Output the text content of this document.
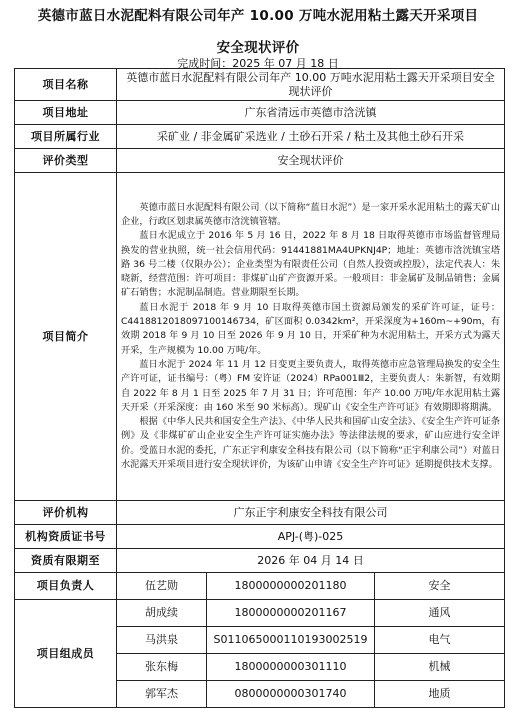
英德市蓝日水泥配料有限公司年产 10.00 万吨水泥用粘土露天开采项目
安全现状评价
完成时间：2025 年 07 月 18 日
项目名称	英德市蓝日水泥配料有限公司年产 10.00 万吨水泥用粘土露天开采项目安全现状评价		
项目地址	广东省清远市英德市浛洸镇		
项目所属行业	采矿业 / 非金属矿采选业 / 土砂石开采 / 粘土及其他土砂石开采		
评价类型	安全现状评价		
项目简介	英德市蓝日水泥配料有限公司（以下简称“蓝日水泥”）是一家开采水泥用粘土的露天矿山企业，行政区划隶属英德市浛洸镇管辖。

蓝日水泥成立于 2016 年 5 月 16 日，2022 年 8 月 18 日取得英德市市场监督管理局换发的营业执照，统一社会信用代码：91441881MA4UPKNJ4P；地址：英德市浛洸镇宝塔路 36 号二楼（仅限办公）；企业类型为有限责任公司（自然人投资或控股），法定代表人：朱晓新，经营范围：许可项目：非煤矿山矿产资源开采。一般项目：非金属矿及制品销售；金属矿石销售；水泥制品制造。营业期限至长期。

蓝日水泥于 2018 年 9 月 10 日取得英德市国土资源局颁发的采矿许可证，证号：C4418812018097100146734，矿区面积 0.0342km²，开采深度为+160m~+90m，有效期 2018 年 9 月 10 日至 2026 年 9 月 10 日，开采矿种为水泥用粘土，开采方式为露天开采，生产规模为 10.00 万吨/年。

蓝日水泥于 2024 年 11 月 12 日变更主要负责人，取得英德市应急管理局换发的安全生产许可证，证书编号：（粤）FM 安许证（2024）RPa001Ⅲ2，主要负责人：朱新智，有效期自 2022 年 8 月 1 日至 2025 年 7 月 31 日；许可范围：年产 10.00 万吨/年水泥用粘土露天开采（开采深度：由 160 米至 90 米标高）。现矿山《安全生产许可证》有效期即将期满。

根据《中华人民共和国安全生产法》、《中华人民共和国矿山安全法》、《安全生产许可证条例》及《非煤矿矿山企业安全生产许可证实施办法》等法律法规的要求，矿山应进行安全评价。受蓝日水泥的委托，广东正宇利康安全科技有限公司（以下简称“正宇利康公司”）对蓝日水泥露天开采项目进行安全现状评价，为该矿山申请《安全生产许可证》延期提供技术支撑。		

评价机构	广东正宇利康安全科技有限公司		
机构资质证书号	APJ-(粤)-025		
资质有限期至	2026 年 04 月 14 日		
项目负责人	伍艺勋	1800000000201180	安全
项目组成员	胡成续	1800000000201167	通风
	马洪泉	S011065000110193002519	电气
	张东梅	1800000000301110	机械
	郭军杰	0800000000301740	地质
